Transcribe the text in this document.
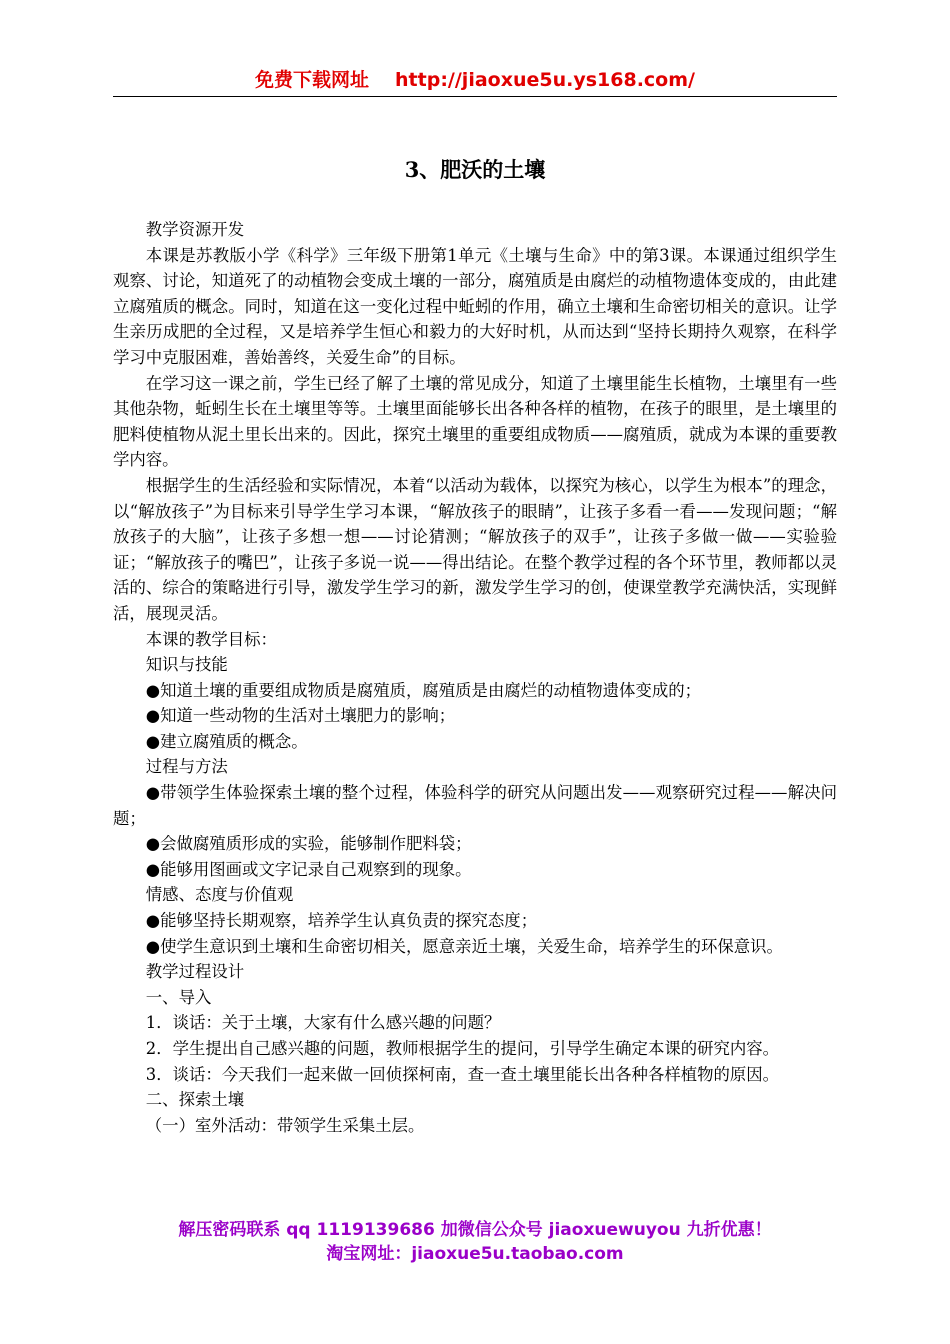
免费下载网址 http://jiaoxue5u.ys168.com/
3、肥沃的土壤

教学资源开发

本课是苏教版小学《科学》三年级下册第1单元《土壤与生命》中的第3课。本课通过组织学生观察、讨论，知道死了的动植物会变成土壤的一部分，腐殖质是由腐烂的动植物遗体变成的，由此建立腐殖质的概念。同时，知道在这一变化过程中蚯蚓的作用，确立土壤和生命密切相关的意识。让学生亲历成肥的全过程，又是培养学生恒心和毅力的大好时机，从而达到“坚持长期持久观察，在科学学习中克服困难，善始善终，关爱生命”的目标。

在学习这一课之前，学生已经了解了土壤的常见成分，知道了土壤里能生长植物，土壤里有一些其他杂物，蚯蚓生长在土壤里等等。土壤里面能够长出各种各样的植物，在孩子的眼里，是土壤里的肥料使植物从泥土里长出来的。因此，探究土壤里的重要组成物质——腐殖质，就成为本课的重要教学内容。

根据学生的生活经验和实际情况，本着“以活动为载体，以探究为核心，以学生为根本”的理念，以“解放孩子”为目标来引导学生学习本课，“解放孩子的眼睛”，让孩子多看一看——发现问题；“解放孩子的大脑”，让孩子多想一想——讨论猜测；“解放孩子的双手”，让孩子多做一做——实验验证；“解放孩子的嘴巴”，让孩子多说一说——得出结论。在整个教学过程的各个环节里，教师都以灵活的、综合的策略进行引导，激发学生学习的新，激发学生学习的创，使课堂教学充满快活，实现鲜活，展现灵活。

本课的教学目标：

知识与技能

●知道土壤的重要组成物质是腐殖质，腐殖质是由腐烂的动植物遗体变成的；

●知道一些动物的生活对土壤肥力的影响；

●建立腐殖质的概念。

过程与方法

●带领学生体验探索土壤的整个过程，体验科学的研究从问题出发——观察研究过程——解决问题；

●会做腐殖质形成的实验，能够制作肥料袋；

●能够用图画或文字记录自己观察到的现象。

情感、态度与价值观

●能够坚持长期观察，培养学生认真负责的探究态度；

●使学生意识到土壤和生命密切相关，愿意亲近土壤，关爱生命，培养学生的环保意识。

教学过程设计

一、导入

1．谈话：关于土壤，大家有什么感兴趣的问题？

2．学生提出自己感兴趣的问题，教师根据学生的提问，引导学生确定本课的研究内容。

3．谈话：今天我们一起来做一回侦探柯南，查一查土壤里能长出各种各样植物的原因。

二、探索土壤

（一）室外活动：带领学生采集土层。

解压密码联系 qq 1119139686 加微信公众号 jiaoxuewuyou 九折优惠！
淘宝网址：jiaoxue5u.taobao.com
